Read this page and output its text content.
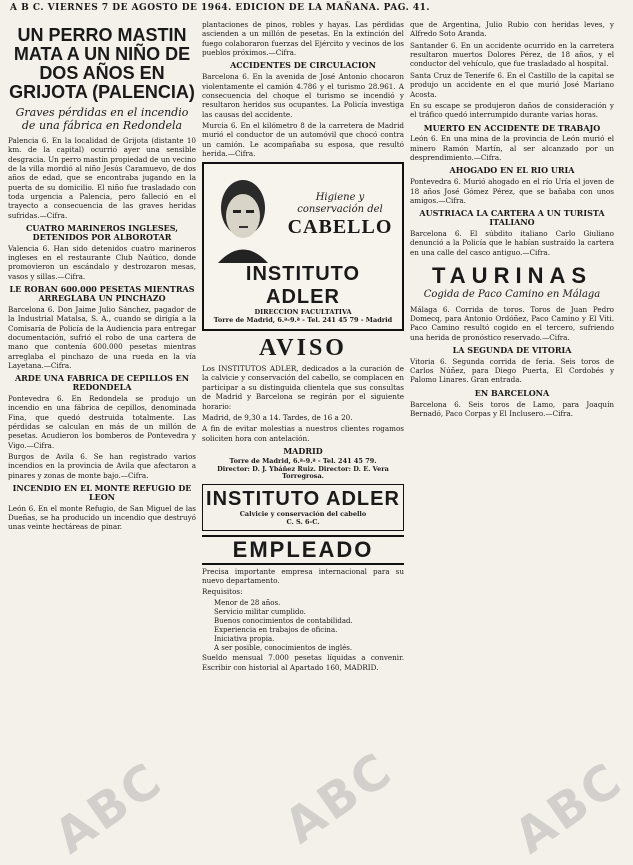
A B C. VIERNES 7 DE AGOSTO DE 1964. EDICION DE LA MAÑANA. PAG. 41.
UN PERRO MASTIN MATA A UN NIÑO DE DOS AÑOS EN GRIJOTA (PALENCIA)
Graves pérdidas en el incendio de una fábrica en Redondela

Palencia 6. En la localidad de Grijota (distante 10 km. de la capital) ocurrió ayer una sensible desgracia. Un perro mastín propiedad de un vecino de la villa mordió al niño Jesús Caramuevo, de dos años de edad, que se encontraba jugando en la puerta de su domicilio. El niño fue trasladado con toda urgencia a Palencia, pero falleció en el trayecto a consecuencia de las graves heridas sufridas.—Cifra.

CUATRO MARINEROS INGLESES, DETENIDOS POR ALBOROTAR

Valencia 6. Han sido detenidos cuatro marineros ingleses en el restaurante Club Naútico, donde promovieron un escándalo y destrozaron mesas, vasos y sillas.—Cifra.

LE ROBAN 600.000 PESETAS MIENTRAS ARREGLABA UN PINCHAZO

Barcelona 6. Don Jaime Julio Sánchez, pagador de la Industrial Matalsa, S. A., cuando se dirigía a la Comisaría de Policía de la Audiencia para entregar documentación, sufrió el robo de una cartera de mano que contenía 600.000 pesetas mientras arreglaba el pinchazo de una rueda en la vía Layetana.—Cifra.

ARDE UNA FABRICA DE CEPILLOS EN REDONDELA

Pontevedra 6. En Redondela se produjo un incendio en una fábrica de cepillos, denominada Fina, que quedó destruida totalmente. Las pérdidas se calculan en más de un millón de pesetas. Acudieron los bomberos de Pontevedra y Vigo.—Cifra.

Burgos de Avila 6. Se han registrado varios incendios en la provincia de Avila que afectaron a pinares y zonas de monte bajo.—Cifra.

INCENDIO EN EL MONTE REFUGIO DE LEON

León 6. En el monte Refugio, de San Miguel de las Dueñas, se ha producido un incendio que destruyó unas veinte hectáreas de pinar.

plantaciones de pinos, robles y hayas. Las pérdidas ascienden a un millón de pesetas. En la extinción del fuego colaboraron fuerzas del Ejército y vecinos de los pueblos próximos.—Cifra.

ACCIDENTES DE CIRCULACION

Barcelona 6. En la avenida de José Antonio chocaron violentamente el camión 4.786 y el turismo 28.961. A consecuencia del choque el turismo se incendió y resultaron heridos sus ocupantes. La Policía investiga las causas del accidente.

Murcia 6. En el kilómetro 8 de la carretera de Madrid murió el conductor de un automóvil que chocó contra un camión. Le acompañaba su esposa, que resultó herida.—Cifra.

Higiene y conservación del
CABELLO
INSTITUTO ADLER
DIRECCION FACULTATIVA
Torre de Madrid, 6.ª-9.ª - Tel. 241 45 79 - Madrid
AVISO

Los INSTITUTOS ADLER, dedicados a la curación de la calvicie y conservación del cabello, se complacen en participar a su distinguida clientela que sus consultas de Madrid y Barcelona se regirán por el siguiente horario:

Madrid, de 9,30 a 14. Tardes, de 16 a 20.

A fin de evitar molestias a nuestros clientes rogamos soliciten hora con antelación.

MADRID
Torre de Madrid, 6.ª-9.ª - Tel. 241 45 79.
Director: D. J. Ybáñez Ruiz. Director: D. E. Vera Torregrosa.
INSTITUTO ADLER
Calvicie y conservación del cabello
C. S. 6-C.
EMPLEADO

Precisa importante empresa internacional para su nuevo departamento.

Requisitos:

Menor de 28 años.
Servicio militar cumplido.
Buenos conocimientos de contabilidad.
Experiencia en trabajos de oficina.
Iniciativa propia.
A ser posible, conocimientos de inglés.

Sueldo mensual 7.000 pesetas líquidas a convenir. Escribir con historial al Apartado 160, MADRID.

que de Argentina, Julio Rubio con heridas leves, y Alfredo Soto Aranda.

Santander 6. En un accidente ocurrido en la carretera resultaron muertos Dolores Pérez, de 18 años, y el conductor del vehículo, que fue trasladado al hospital.

Santa Cruz de Tenerife 6. En el Castillo de la capital se produjo un accidente en el que murió José Mariano Acosta.

En su escape se produjeron daños de consideración y el tráfico quedó interrumpido durante varias horas.

MUERTO EN ACCIDENTE DE TRABAJO

León 6. En una mina de la provincia de León murió el minero Ramón Martín, al ser alcanzado por un desprendimiento.—Cifra.

AHOGADO EN EL RIO URIA

Pontevedra 6. Murió ahogado en el río Uría el joven de 18 años José Gómez Pérez, que se bañaba con unos amigos.—Cifra.

AUSTRIACA LA CARTERA A UN TURISTA ITALIANO

Barcelona 6. El súbdito italiano Carlo Giuliano denunció a la Policía que le habían sustraído la cartera en una calle del casco antiguo.—Cifra.

TAURINAS
Cogida de Paco Camino en Málaga

Málaga 6. Corrida de toros. Toros de Juan Pedro Domecq, para Antonio Ordóñez, Paco Camino y El Viti. Paco Camino resultó cogido en el tercero, sufriendo una herida de pronóstico reservado.—Cifra.

LA SEGUNDA DE VITORIA

Vitoria 6. Segunda corrida de feria. Seis toros de Carlos Núñez, para Diego Puerta, El Cordobés y Palomo Linares. Gran entrada.

EN BARCELONA

Barcelona 6. Seis toros de Lamo, para Joaquín Bernadó, Paco Corpas y El Inclusero.—Cifra.

ABC ABC ABC
